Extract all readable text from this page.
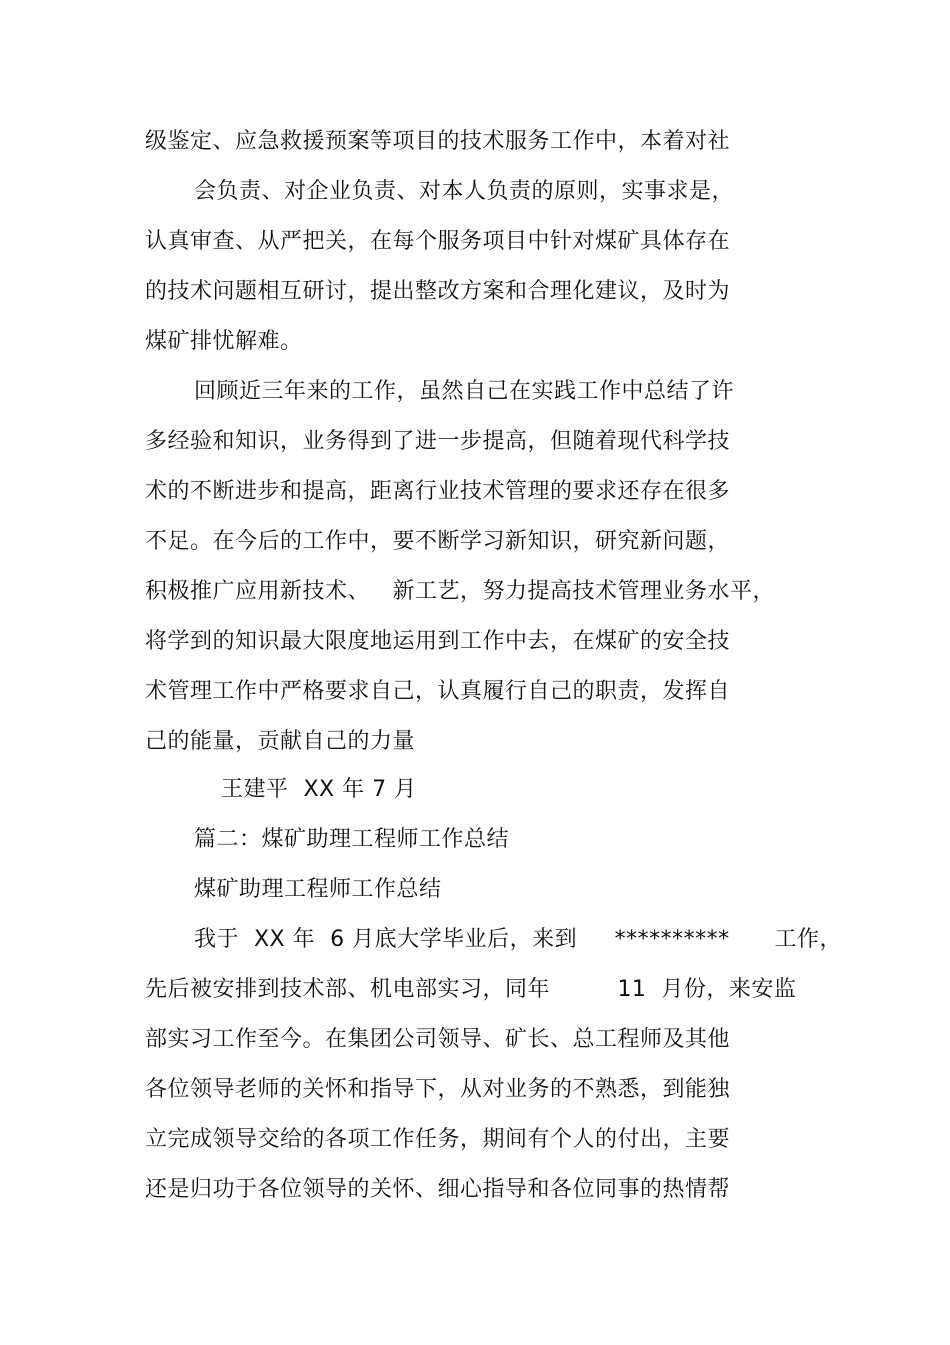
级鉴定、应急救援预案等项目的技术服务工作中，本着对社
会负责、对企业负责、对本人负责的原则，实事求是，
认真审查、从严把关，在每个服务项目中针对煤矿具体存在
的技术问题相互研讨，提出整改方案和合理化建议，及时为
煤矿排忧解难。
回顾近三年来的工作，虽然自己在实践工作中总结了许
多经验和知识，业务得到了进一步提高，但随着现代科学技
术的不断进步和提高，距离行业技术管理的要求还存在很多
不足。在今后的工作中，要不断学习新知识，研究新问题，
积极推广应用新技术、   新工艺，努力提高技术管理业务水平，
将学到的知识最大限度地运用到工作中去，在煤矿的安全技
术管理工作中严格要求自己，认真履行自己的职责，发挥自
己的能量，贡献自己的力量
王建平  XX 年 7 月
篇二：煤矿助理工程师工作总结
煤矿助理工程师工作总结
我于  XX 年  6 月底大学毕业后，来到     **********      工作，
先后被安排到技术部、机电部实习，同年         11  月份，来安监
部实习工作至今。在集团公司领导、矿长、总工程师及其他
各位领导老师的关怀和指导下，从对业务的不熟悉，到能独
立完成领导交给的各项工作任务，期间有个人的付出，主要
还是归功于各位领导的关怀、细心指导和各位同事的热情帮
